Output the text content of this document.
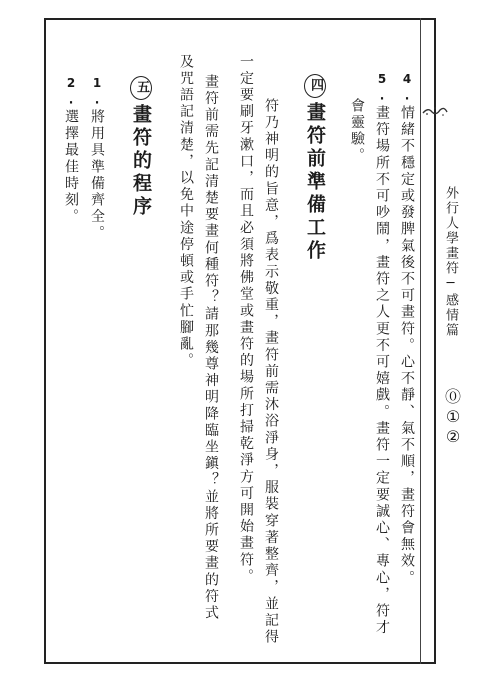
外行人學畫符─感情篇
⓪
①
②
4.情緒不穩定或發脾氣後不可畫符。心不靜、氣不順，畫符會無效。
5.畫符場所不可吵鬧，畫符之人更不可嬉戲。畫符一定要誠心、專心，符才
會靈驗。
四畫符前準備工作
符乃神明的旨意，爲表示敬重，畫符前需沐浴淨身，服裝穿著整齊，並記得
一定要刷牙漱口，而且必須將佛堂或畫符的場所打掃乾淨方可開始畫符。
畫符前需先記清楚要畫何種符？請那幾尊神明降臨坐鎭？並將所要畫的符式
及咒語記清楚，以免中途停頓或手忙腳亂。
五畫符的程序
1.將用具準備齊全。
2.選擇最佳時刻。
